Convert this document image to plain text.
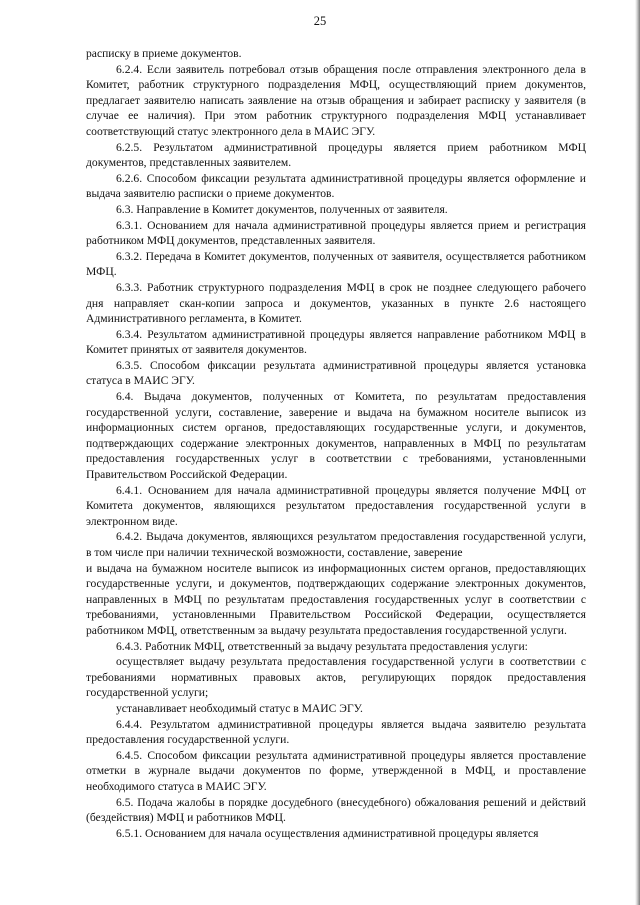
25

расписку в приеме документов.

6.2.4. Если заявитель потребовал отзыв обращения после отправления электронного дела в Комитет, работник структурного подразделения МФЦ, осуществляющий прием документов, предлагает заявителю написать заявление на отзыв обращения и забирает расписку у заявителя (в случае ее наличия). При этом работник структурного подразделения МФЦ устанавливает соответствующий статус электронного дела в МАИС ЭГУ.

6.2.5. Результатом административной процедуры является прием работником МФЦ документов, представленных заявителем.

6.2.6. Способом фиксации результата административной процедуры является оформление и выдача заявителю расписки о приеме документов.

6.3. Направление в Комитет документов, полученных от заявителя.

6.3.1. Основанием для начала административной процедуры является прием и регистрация работником МФЦ документов, представленных заявителя.

6.3.2. Передача в Комитет документов, полученных от заявителя, осуществляется работником МФЦ.

6.3.3. Работник структурного подразделения МФЦ в срок не позднее следующего рабочего дня направляет скан-копии запроса и документов, указанных в пункте 2.6 настоящего Административного регламента, в Комитет.

6.3.4. Результатом административной процедуры является направление работником МФЦ в Комитет принятых от заявителя документов.

6.3.5. Способом фиксации результата административной процедуры является установка статуса в МАИС ЭГУ.

6.4. Выдача документов, полученных от Комитета, по результатам предоставления государственной услуги, составление, заверение и выдача на бумажном носителе выписок из информационных систем органов, предоставляющих государственные услуги, и документов, подтверждающих содержание электронных документов, направленных в МФЦ по результатам предоставления государственных услуг в соответствии с требованиями, установленными Правительством Российской Федерации.

6.4.1. Основанием для начала административной процедуры является получение МФЦ от Комитета документов, являющихся результатом предоставления государственной услуги в электронном виде.

6.4.2. Выдача документов, являющихся результатом предоставления государственной услуги, в том числе при наличии технической возможности, составление, заверение

и выдача на бумажном носителе выписок из информационных систем органов, предоставляющих государственные услуги, и документов, подтверждающих содержание электронных документов, направленных в МФЦ по результатам предоставления государственных услуг в соответствии с требованиями, установленными Правительством Российской Федерации, осуществляется работником МФЦ, ответственным за выдачу результата предоставления государственной услуги.

6.4.3. Работник МФЦ, ответственный за выдачу результата предоставления услуги:

осуществляет выдачу результата предоставления государственной услуги в соответствии с требованиями нормативных правовых актов, регулирующих порядок предоставления государственной услуги;

устанавливает необходимый статус в МАИС ЭГУ.

6.4.4. Результатом административной процедуры является выдача заявителю результата предоставления государственной услуги.

6.4.5. Способом фиксации результата административной процедуры является проставление отметки в журнале выдачи документов по форме, утвержденной в МФЦ, и проставление необходимого статуса в МАИС ЭГУ.

6.5. Подача жалобы в порядке досудебного (внесудебного) обжалования решений и действий (бездействия) МФЦ и работников МФЦ.

6.5.1. Основанием для начала осуществления административной процедуры является
